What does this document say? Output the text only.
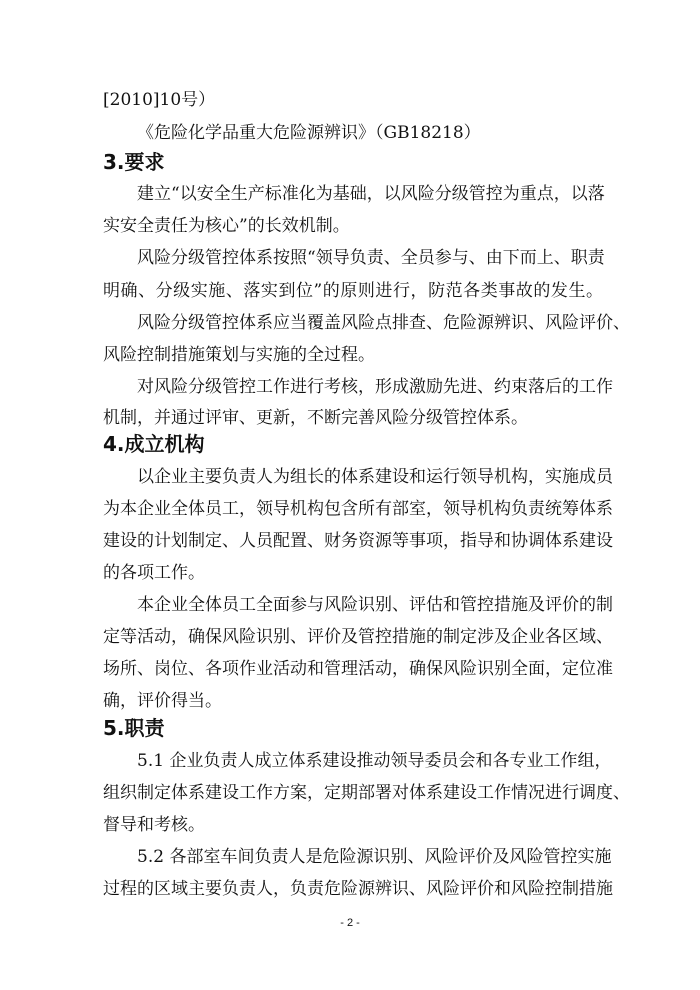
[2010]10号）
《危险化学品重大危险源辨识》（GB18218）
3.要求
建立“以安全生产标准化为基础，以风险分级管控为重点，以落
实安全责任为核心”的长效机制。
风险分级管控体系按照“领导负责、全员参与、由下而上、职责
明确、分级实施、落实到位”的原则进行，防范各类事故的发生。
风险分级管控体系应当覆盖风险点排查、危险源辨识、风险评价、
风险控制措施策划与实施的全过程。
对风险分级管控工作进行考核，形成激励先进、约束落后的工作
机制，并通过评审、更新，不断完善风险分级管控体系。
4.成立机构
以企业主要负责人为组长的体系建设和运行领导机构，实施成员
为本企业全体员工，领导机构包含所有部室，领导机构负责统筹体系
建设的计划制定、人员配置、财务资源等事项，指导和协调体系建设
的各项工作。
本企业全体员工全面参与风险识别、评估和管控措施及评价的制
定等活动，确保风险识别、评价及管控措施的制定涉及企业各区域、
场所、岗位、各项作业活动和管理活动，确保风险识别全面，定位准
确，评价得当。
5.职责
5.1 企业负责人成立体系建设推动领导委员会和各专业工作组，
组织制定体系建设工作方案，定期部署对体系建设工作情况进行调度、
督导和考核。
5.2 各部室车间负责人是危险源识别、风险评价及风险管控实施
过程的区域主要负责人，负责危险源辨识、风险评价和风险控制措施
- 2 -
